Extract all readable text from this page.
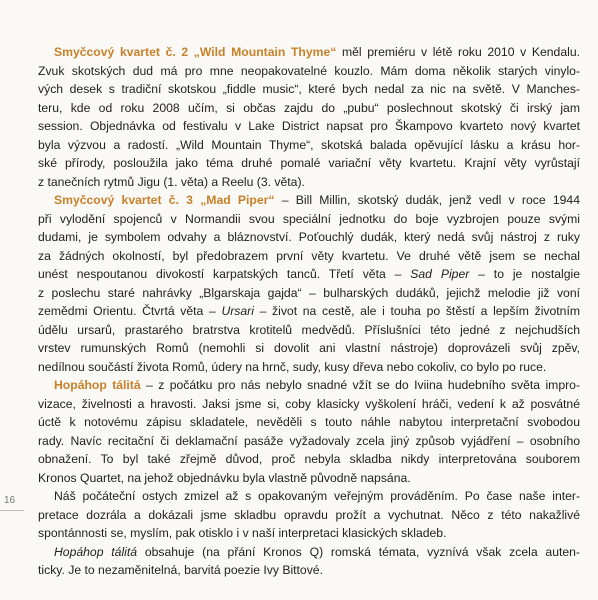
16
Smyčcový kvartet č. 2 „Wild Mountain Thyme“ měl premiéru v létě roku 2010 v Kendalu.
Zvuk skotských dud má pro mne neopakovatelné kouzlo. Mám doma několik starých vinylo-
vých desek s tradiční skotskou „fiddle music“, které bych nedal za nic na světě. V Manches-
teru, kde od roku 2008 učím, si občas zajdu do „pubu“ poslechnout skotský či irský jam
session. Objednávka od festivalu v Lake District napsat pro Škampovo kvarteto nový kvartet
byla výzvou a radostí. „Wild Mountain Thyme“, skotská balada opěvující lásku a krásu hor-
ské přírody, posloužila jako téma druhé pomalé variační věty kvartetu. Krajní věty vyrůstají
z tanečních rytmů Jigu (1. věta) a Reelu (3. věta).
Smyčcový kvartet č. 3 „Mad Piper“ – Bill Millin, skotský dudák, jenž vedl v roce 1944
při vylodění spojenců v Normandii svou speciální jednotku do boje vyzbrojen pouze svými
dudami, je symbolem odvahy a bláznovství. Poťouchlý dudák, který nedá svůj nástroj z ruky
za žádných okolností, byl předobrazem první věty kvartetu. Ve druhé větě jsem se nechal
unést nespoutanou divokostí karpatských tanců. Třetí věta – Sad Piper – to je nostalgie
z poslechu staré nahrávky „Blgarskaja gajda“ – bulharských dudáků, jejichž melodie již voní
zemědmi Orientu. Čtvrtá věta – Ursari – život na cestě, ale i touha po štěstí a lepším životním
údělu ursarů, prastarého bratrstva krotitelů medvědů. Příslušníci této jedné z nejchudších
vrstev rumunských Romů (nemohli si dovolit ani vlastní nástroje) doprovázeli svůj zpěv,
nedílnou součástí života Romů, údery na hrnč, sudy, kusy dřeva nebo cokoliv, co bylo po ruce.
Hopáhop tálitá – z počátku pro nás nebylo snadné vžít se do Iviina hudebního světa impro-
vizace, živelnosti a hravosti. Jaksi jsme si, coby klasicky vyškolení hráči, vedení k až posvátné
úctě k notovému zápisu skladatele, nevěděli s touto náhle nabytou interpretační svobodou
rady. Navíc recitační či deklamační pasáže vyžadovaly zcela jiný způsob vyjádření – osobního
obnažení. To byl také zřejmě důvod, proč nebyla skladba nikdy interpretována souborem
Kronos Quartet, na jehož objednávku byla vlastně původně napsána.
Náš počáteční ostych zmizel až s opakovaným veřejným prováděním. Po čase naše inter-
pretace dozrála a dokázali jsme skladbu opravdu prožít a vychutnat. Něco z této nakažlivé
spontánnosti se, myslím, pak otisklo i v naší interpretaci klasických skladeb.
Hopáhop tálitá obsahuje (na přání Kronos Q) romská témata, vyznívá však zcela auten-
ticky. Je to nezaměnitelná, barvitá poezie Ivy Bittové.
